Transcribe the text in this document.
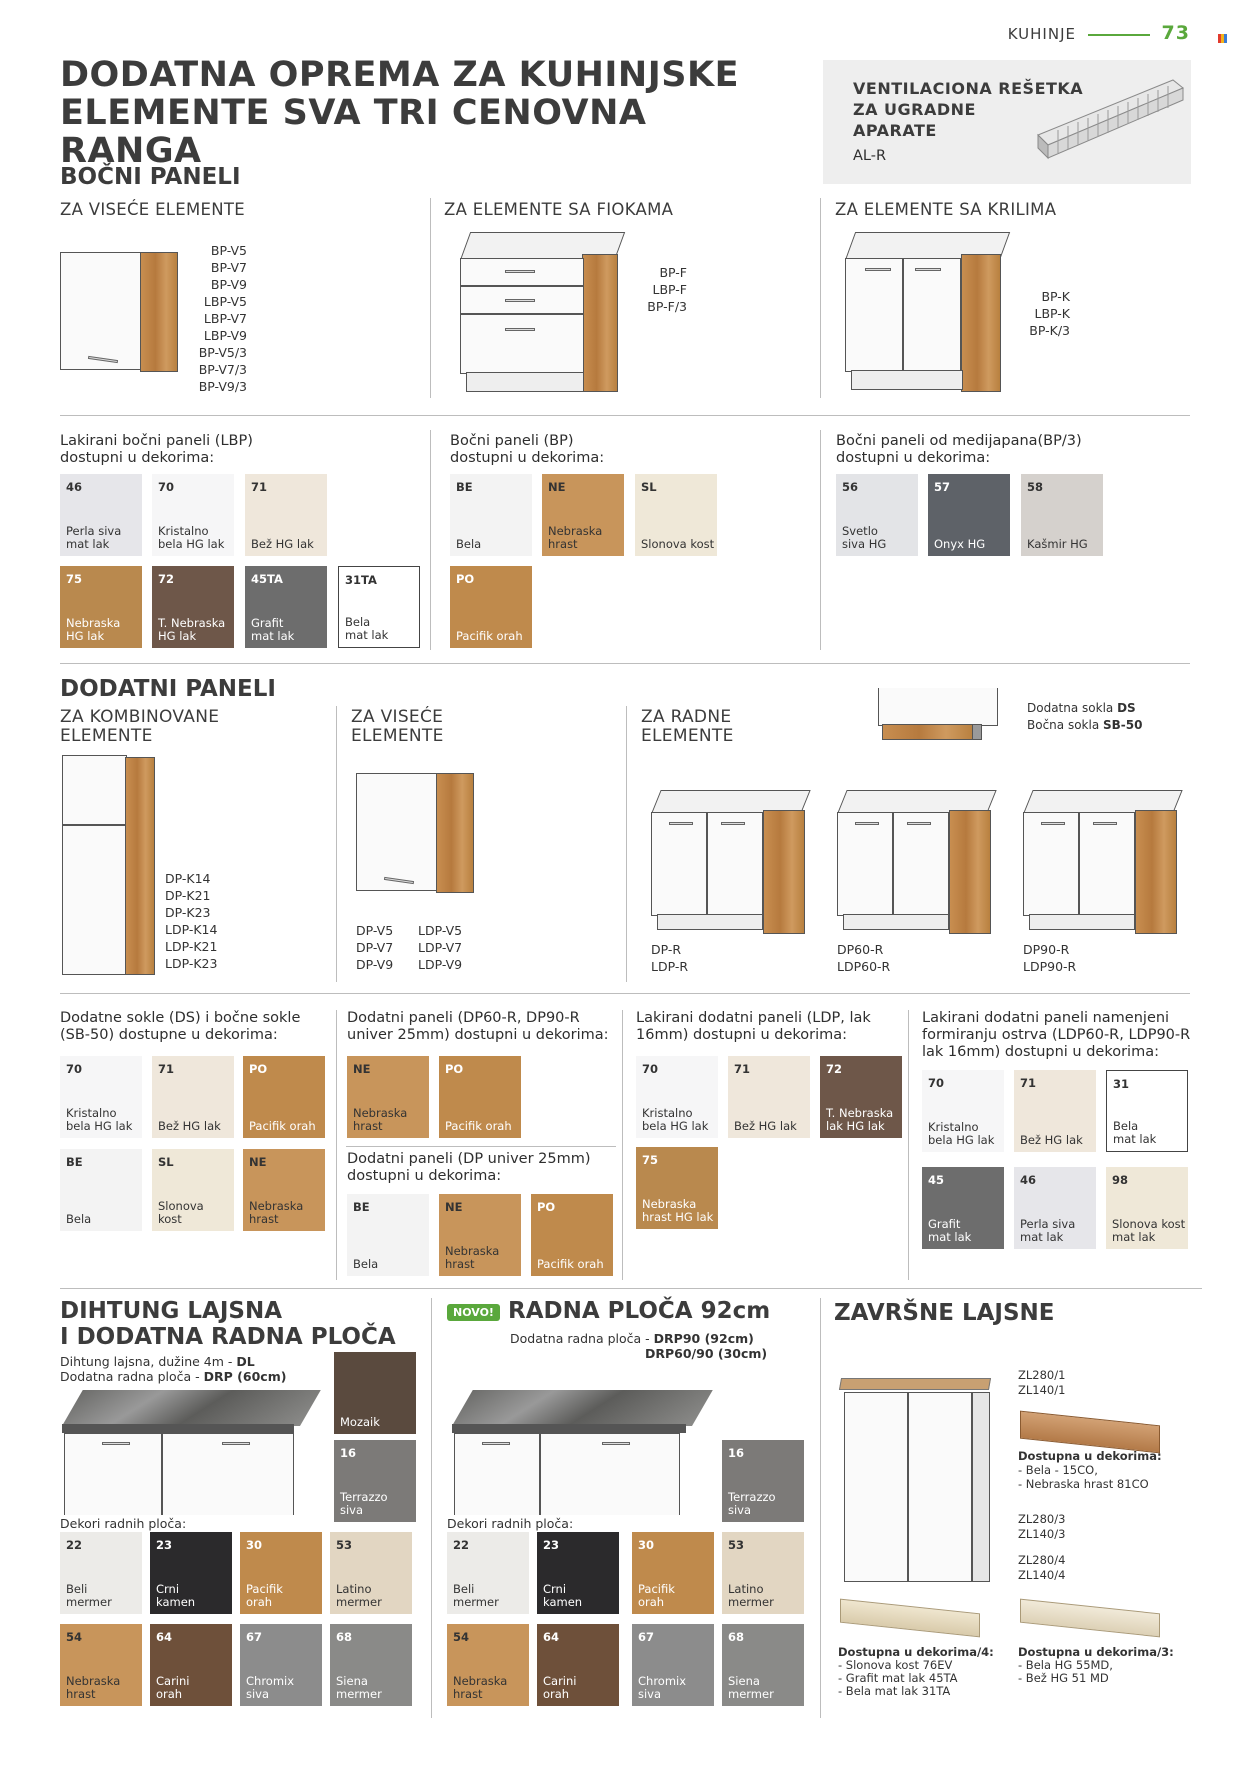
KUHINJE	73
DODATNA OPREMA ZA KUHINJSKE
ELEMENTE SVA TRI CENOVNA RANGA
VENTILACIONA REŠETKA
ZA UGRADNE
APARATE
AL-R
BOČNI PANELI
ZA VISEĆE ELEMENTE	ZA ELEMENTE SA FIOKAMA	ZA ELEMENTE SA KRILIMA
BP-V5
BP-V7
BP-V9
LBP-V5
LBP-V7
LBP-V9
BP-V5/3
BP-V7/3
BP-V9/3
BP-F
LBP-F
BP-F/3
BP-K
LBP-K
BP-K/3
Lakirani bočni paneli (LBP)
dostupni u dekorima:
Bočni paneli (BP)
dostupni u dekorima:
Bočni paneli od medijapana(BP/3)
dostupni u dekorima:
46
Perla siva
mat lak
70
Kristalno
bela HG lak
71
Bež HG lak
75
Nebraska
HG lak
72
T. Nebraska
HG lak
45TA
Grafit
mat lak
31TA
Bela
mat lak
BE
Bela
NE
Nebraska
hrast
SL
Slonova kost
PO
Pacifik orah
56
Svetlo
siva HG
57
Onyx HG
58
Kašmir HG
DODATNI PANELI
ZA KOMBINOVANE
ELEMENTE
ZA VISEĆE
ELEMENTE
ZA RADNE
ELEMENTE
DP-K14
DP-K21
DP-K23
LDP-K14
LDP-K21
LDP-K23
DP-V5
DP-V7
DP-V9
LDP-V5
LDP-V7
LDP-V9
Dodatna sokla DS
Bočna sokla SB-50
DP-R
LDP-R
DP60-R
LDP60-R
DP90-R
LDP90-R
Dodatne sokle (DS) i bočne sokle
(SB-50) dostupne u dekorima:
Dodatni paneli (DP60-R, DP90-R
univer 25mm) dostupni u dekorima:
Dodatni paneli (DP univer 25mm)
dostupni u dekorima:
Lakirani dodatni paneli (LDP, lak
16mm) dostupni u dekorima:
Lakirani dodatni paneli namenjeni
formiranju ostrva (LDP60-R, LDP90-R
lak 16mm) dostupni u dekorima:
70
Kristalno
bela HG lak
71
Bež HG lak
PO
Pacifik orah
BE
Bela
SL
Slonova
kost
NE
Nebraska
hrast
NE
Nebraska
hrast
PO
Pacifik orah
BE
Bela
NE
Nebraska
hrast
PO
Pacifik orah
70
Kristalno
bela HG lak
71
Bež HG lak
72
T. Nebraska
lak HG lak
75
Nebraska
hrast HG lak
70
Kristalno
bela HG lak
71
Bež HG lak
31
Bela
mat lak
45
Grafit
mat lak
46
Perla siva
mat lak
98
Slonova kost
mat lak
DIHTUNG LAJSNA
I DODATNA RADNA PLOČA
Dihtung lajsna, dužine 4m - DL
Dodatna radna ploča - DRP (60cm)
Dekori radnih ploča:
Mozaik
16
Terrazzo
siva
22
Beli
mermer
23
Crni
kamen
30
Pacifik
orah
53
Latino
mermer
54
Nebraska
hrast
64
Carini
orah
67
Chromix
siva
68
Siena
mermer
NOVO! RADNA PLOČA 92cm
Dodatna radna ploča - DRP90 (92cm)
DRP60/90 (30cm)
Dekori radnih ploča:
16
Terrazzo
siva
22
Beli
mermer
23
Crni
kamen
30
Pacifik
orah
53
Latino
mermer
54
Nebraska
hrast
64
Carini
orah
67
Chromix
siva
68
Siena
mermer
ZAVRŠNE LAJSNE
ZL280/1
ZL140/1
Dostupna u dekorima:
- Bela - 15CO,
- Nebraska hrast 81CO
ZL280/3
ZL140/3
ZL280/4
ZL140/4
Dostupna u dekorima/4:
- Slonova kost 76EV
- Grafit mat lak 45TA
- Bela mat lak 31TA
Dostupna u dekorima/3:
- Bela HG 55MD,
- Bež HG 51 MD
